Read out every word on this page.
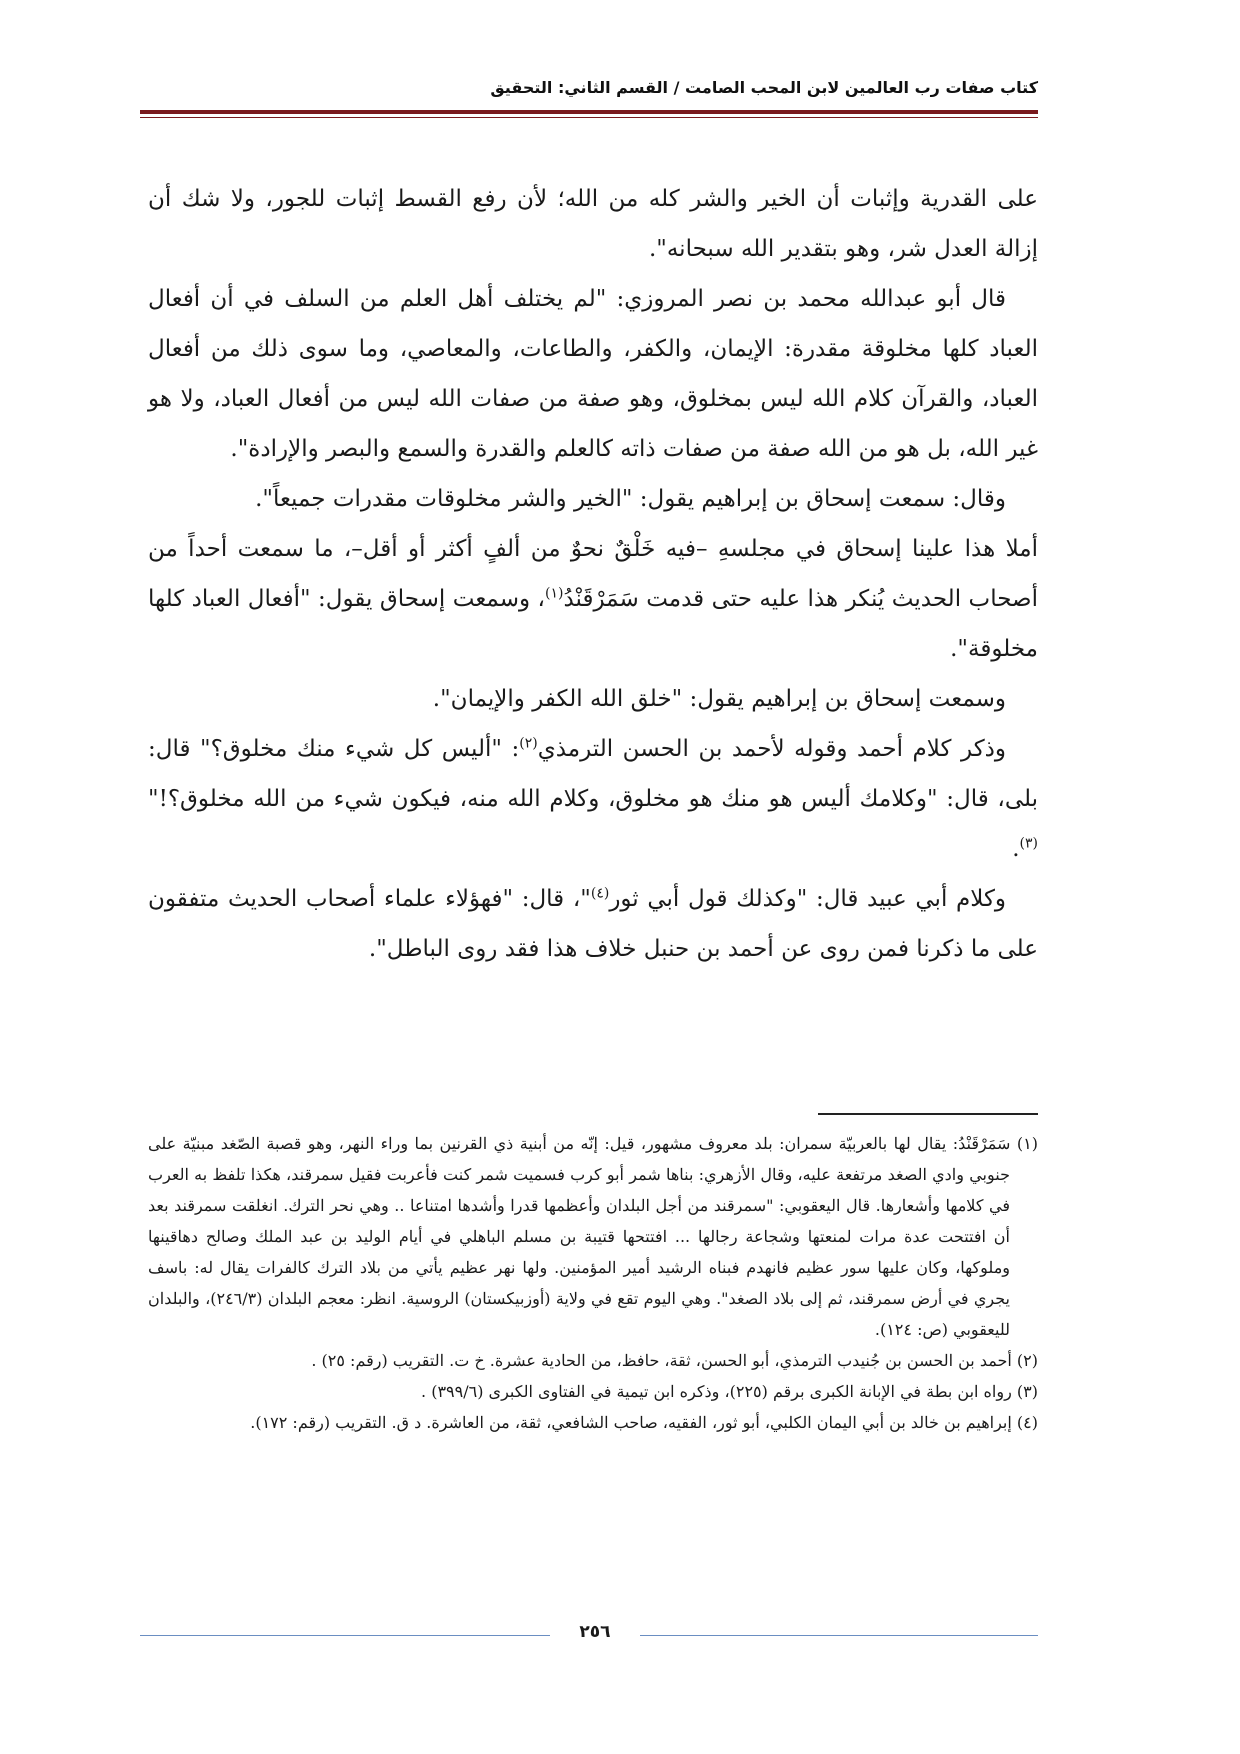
كتاب صفات رب العالمين لابن المحب الصامت / القسم الثاني: التحقيق

على القدرية وإثبات أن الخير والشر كله من الله؛ لأن رفع القسط إثبات للجور، ولا شك أن إزالة العدل شر، وهو بتقدير الله سبحانه".

قال أبو عبدالله محمد بن نصر المروزي: "لم يختلف أهل العلم من السلف في أن أفعال العباد كلها مخلوقة مقدرة: الإيمان، والكفر، والطاعات، والمعاصي، وما سوى ذلك من أفعال العباد، والقرآن كلام الله ليس بمخلوق، وهو صفة من صفات الله ليس من أفعال العباد، ولا هو غير الله، بل هو من الله صفة من صفات ذاته كالعلم والقدرة والسمع والبصر والإرادة".

وقال: سمعت إسحاق بن إبراهيم يقول: "الخير والشر مخلوقات مقدرات جميعاً".

أملا هذا علينا إسحاق في مجلسهِ –فيه خَلْقٌ نحوٌ من ألفٍ أكثر أو أقل–، ما سمعت أحداً من أصحاب الحديث يُنكر هذا عليه حتى قدمت سَمَرْقَنْدُ$^{(١)}$، وسمعت إسحاق يقول: "أفعال العباد كلها مخلوقة".

وسمعت إسحاق بن إبراهيم يقول: "خلق الله الكفر والإيمان".

وذكر كلام أحمد وقوله لأحمد بن الحسن الترمذي$^{(٢)}$: "أليس كل شيء منك مخلوق؟" قال: بلى، قال: "وكلامك أليس هو منك هو مخلوق، وكلام الله منه، فيكون شيء من الله مخلوق؟!"$^{(٣)}$.

وكلام أبي عبيد قال: "وكذلك قول أبي ثور$^{(٤)}$"، قال: "فهؤلاء علماء أصحاب الحديث متفقون على ما ذكرنا فمن روى عن أحمد بن حنبل خلاف هذا فقد روى الباطل".

(١) سَمَرْقَنْدُ: يقال لها بالعربيّة سمران: بلد معروف مشهور، قيل: إنّه من أبنية ذي القرنين بما وراء النهر، وهو قصبة الصّغد مبنيّة على جنوبي وادي الصغد مرتفعة عليه، وقال الأزهري: بناها شمر أبو كرب فسميت شمر كنت فأعربت فقيل سمرقند، هكذا تلفظ به العرب في كلامها وأشعارها. قال اليعقوبي: "سمرقند من أجل البلدان وأعظمها قدرا وأشدها امتناعا .. وهي نحر الترك. انغلقت سمرقند بعد أن افتتحت عدة مرات لمنعتها وشجاعة رجالها ... افتتحها قتيبة بن مسلم الباهلي في أيام الوليد بن عبد الملك وصالح دهاقينها وملوكها، وكان عليها سور عظيم فانهدم فبناه الرشيد أمير المؤمنين. ولها نهر عظيم يأتي من بلاد الترك كالفرات يقال له: باسف يجري في أرض سمرقند، ثم إلى بلاد الصغد". وهي اليوم تقع في ولاية (أوزبيكستان) الروسية. انظر: معجم البلدان (٢٤٦/٣)، والبلدان لليعقوبي (ص: ١٢٤).

(٢) أحمد بن الحسن بن جُنيدب الترمذي، أبو الحسن، ثقة، حافظ، من الحادية عشرة. خ ت. التقريب (رقم: ٢٥) .

(٣) رواه ابن بطة في الإبانة الكبرى برقم (٢٢٥)، وذكره ابن تيمية في الفتاوى الكبرى (٣٩٩/٦) .

(٤) إبراهيم بن خالد بن أبي اليمان الكلبي، أبو ثور، الفقيه، صاحب الشافعي، ثقة، من العاشرة. د ق. التقريب (رقم: ١٧٢).

٢٥٦
